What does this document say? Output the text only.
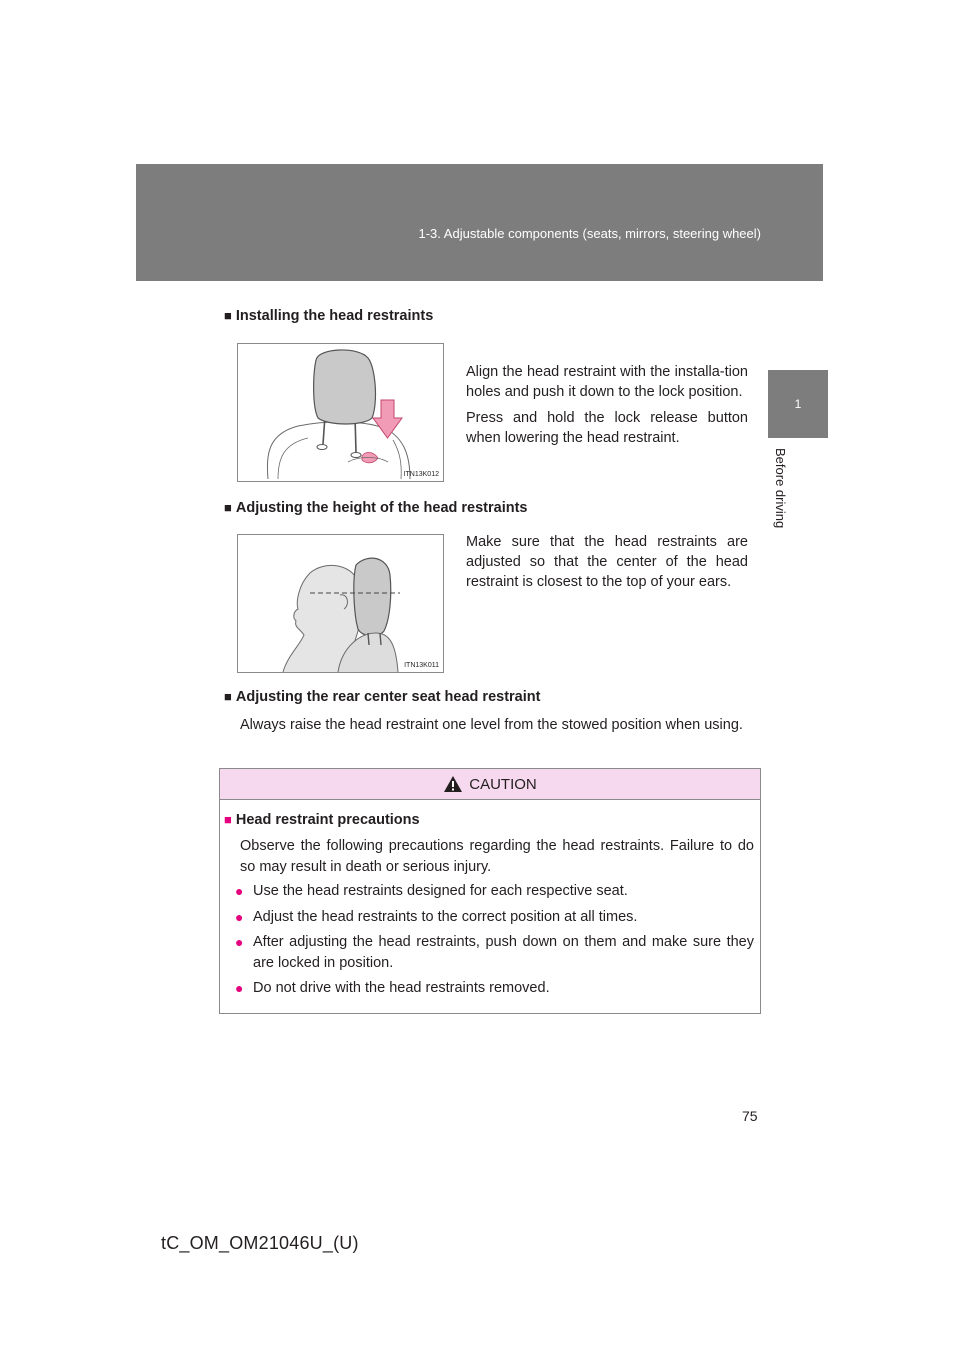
1-3. Adjustable components (seats, mirrors, steering wheel)
1
Before driving
■ Installing the head restraints
ITN13K012

Align the head restraint with the installa-tion holes and push it down to the lock position.

Press and hold the lock release button when lowering the head restraint.

■ Adjusting the height of the head restraints
ITN13K011

Make sure that the head restraints are adjusted so that the center of the head restraint is closest to the top of your ears.

■ Adjusting the rear center seat head restraint
Always raise the head restraint one level from the stowed position when using.
CAUTION
■ Head restraint precautions
Observe the following precautions regarding the head restraints. Failure to do so may result in death or serious injury.
● Use the head restraints designed for each respective seat.
● Adjust the head restraints to the correct position at all times.
● After adjusting the head restraints, push down on them and make sure they are locked in position.
● Do not drive with the head restraints removed.
75
tC_OM_OM21046U_(U)
